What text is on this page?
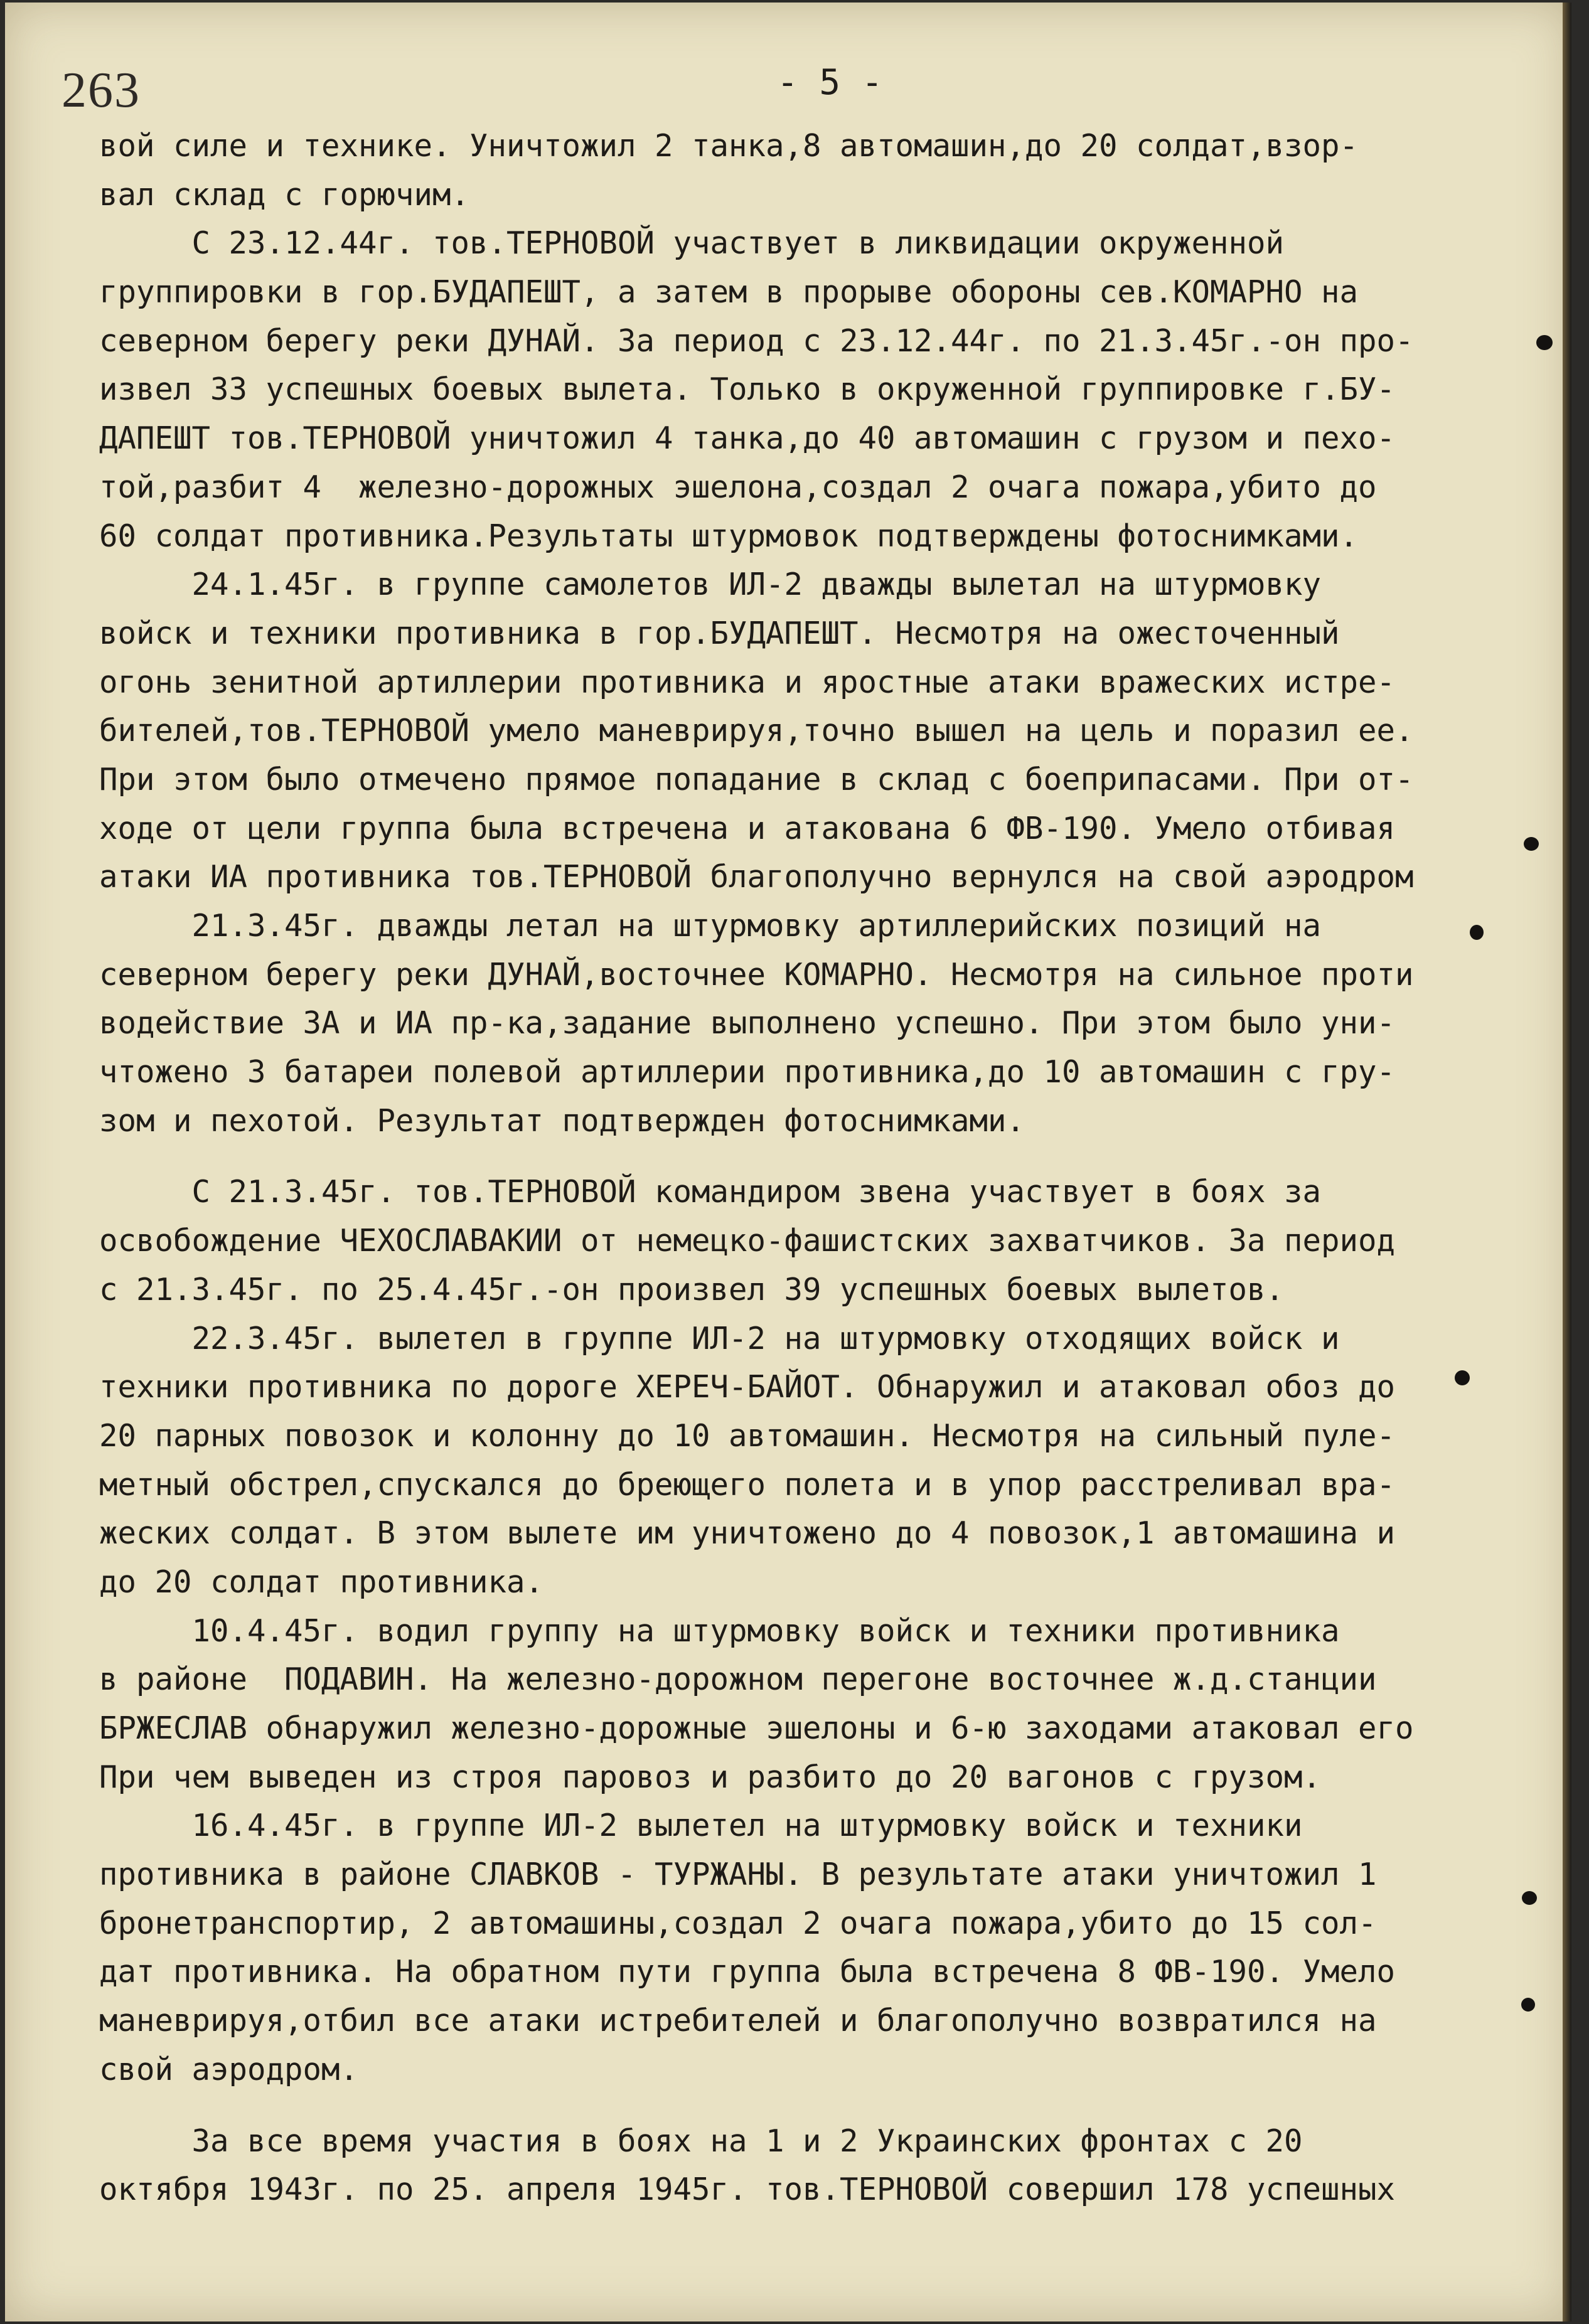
263	- 5 -
вой силе и технике. Уничтожил 2 танка,8 автомашин,до 20 солдат,взор-
вал склад с горючим.
С 23.12.44г. тов.ТЕРНОВОЙ участвует в ликвидации окруженной
группировки в гор.БУДАПЕШТ, а затем в прорыве обороны сев.КОМАРНО на
северном берегу реки ДУНАЙ. За период с 23.12.44г. по 21.3.45г.-он про-
извел 33 успешных боевых вылета. Только в окруженной группировке г.БУ-
ДАПЕШТ тов.ТЕРНОВОЙ уничтожил 4 танка,до 40 автомашин с грузом и пехо-
той,разбит 4  железно-дорожных эшелона,создал 2 очага пожара,убито до
60 солдат противника.Результаты штурмовок подтверждены фотоснимками.
24.1.45г. в группе самолетов ИЛ-2 дважды вылетал на штурмовку
войск и техники противника в гор.БУДАПЕШТ. Несмотря на ожесточенный
огонь зенитной артиллерии противника и яростные атаки вражеских истре-
бителей,тов.ТЕРНОВОЙ умело маневрируя,точно вышел на цель и поразил ее.
При этом было отмечено прямое попадание в склад с боеприпасами. При от-
ходе от цели группа была встречена и атакована 6 ФВ-190. Умело отбивая
атаки ИА противника тов.ТЕРНОВОЙ благополучно вернулся на свой аэродром
21.3.45г. дважды летал на штурмовку артиллерийских позиций на
северном берегу реки ДУНАЙ,восточнее КОМАРНО. Несмотря на сильное проти
водействие ЗА и ИА пр-ка,задание выполнено успешно. При этом было уни-
чтожено 3 батареи полевой артиллерии противника,до 10 автомашин с гру-
зом и пехотой. Результат подтвержден фотоснимками.
С 21.3.45г. тов.ТЕРНОВОЙ командиром звена участвует в боях за
освобождение ЧЕХОСЛАВАКИИ от немецко-фашистских захватчиков. За период
с 21.3.45г. по 25.4.45г.-он произвел 39 успешных боевых вылетов.
22.3.45г. вылетел в группе ИЛ-2 на штурмовку отходящих войск и
техники противника по дороге ХЕРЕЧ-БАЙОТ. Обнаружил и атаковал обоз до
20 парных повозок и колонну до 10 автомашин. Несмотря на сильный пуле-
метный обстрел,спускался до бреющего полета и в упор расстреливал вра-
жеских солдат. В этом вылете им уничтожено до 4 повозок,1 автомашина и
до 20 солдат противника.
10.4.45г. водил группу на штурмовку войск и техники противника
в районе  ПОДАВИН. На железно-дорожном перегоне восточнее ж.д.станции
БРЖЕСЛАВ обнаружил железно-дорожные эшелоны и 6-ю заходами атаковал его
При чем выведен из строя паровоз и разбито до 20 вагонов с грузом.
16.4.45г. в группе ИЛ-2 вылетел на штурмовку войск и техники
противника в районе СЛАВКОВ - ТУРЖАНЫ. В результате атаки уничтожил 1
бронетранспортир, 2 автомашины,создал 2 очага пожара,убито до 15 сол-
дат противника. На обратном пути группа была встречена 8 ФВ-190. Умело
маневрируя,отбил все атаки истребителей и благополучно возвратился на
свой аэродром.
За все время участия в боях на 1 и 2 Украинских фронтах с 20
октября 1943г. по 25. апреля 1945г. тов.ТЕРНОВОЙ совершил 178 успешных
